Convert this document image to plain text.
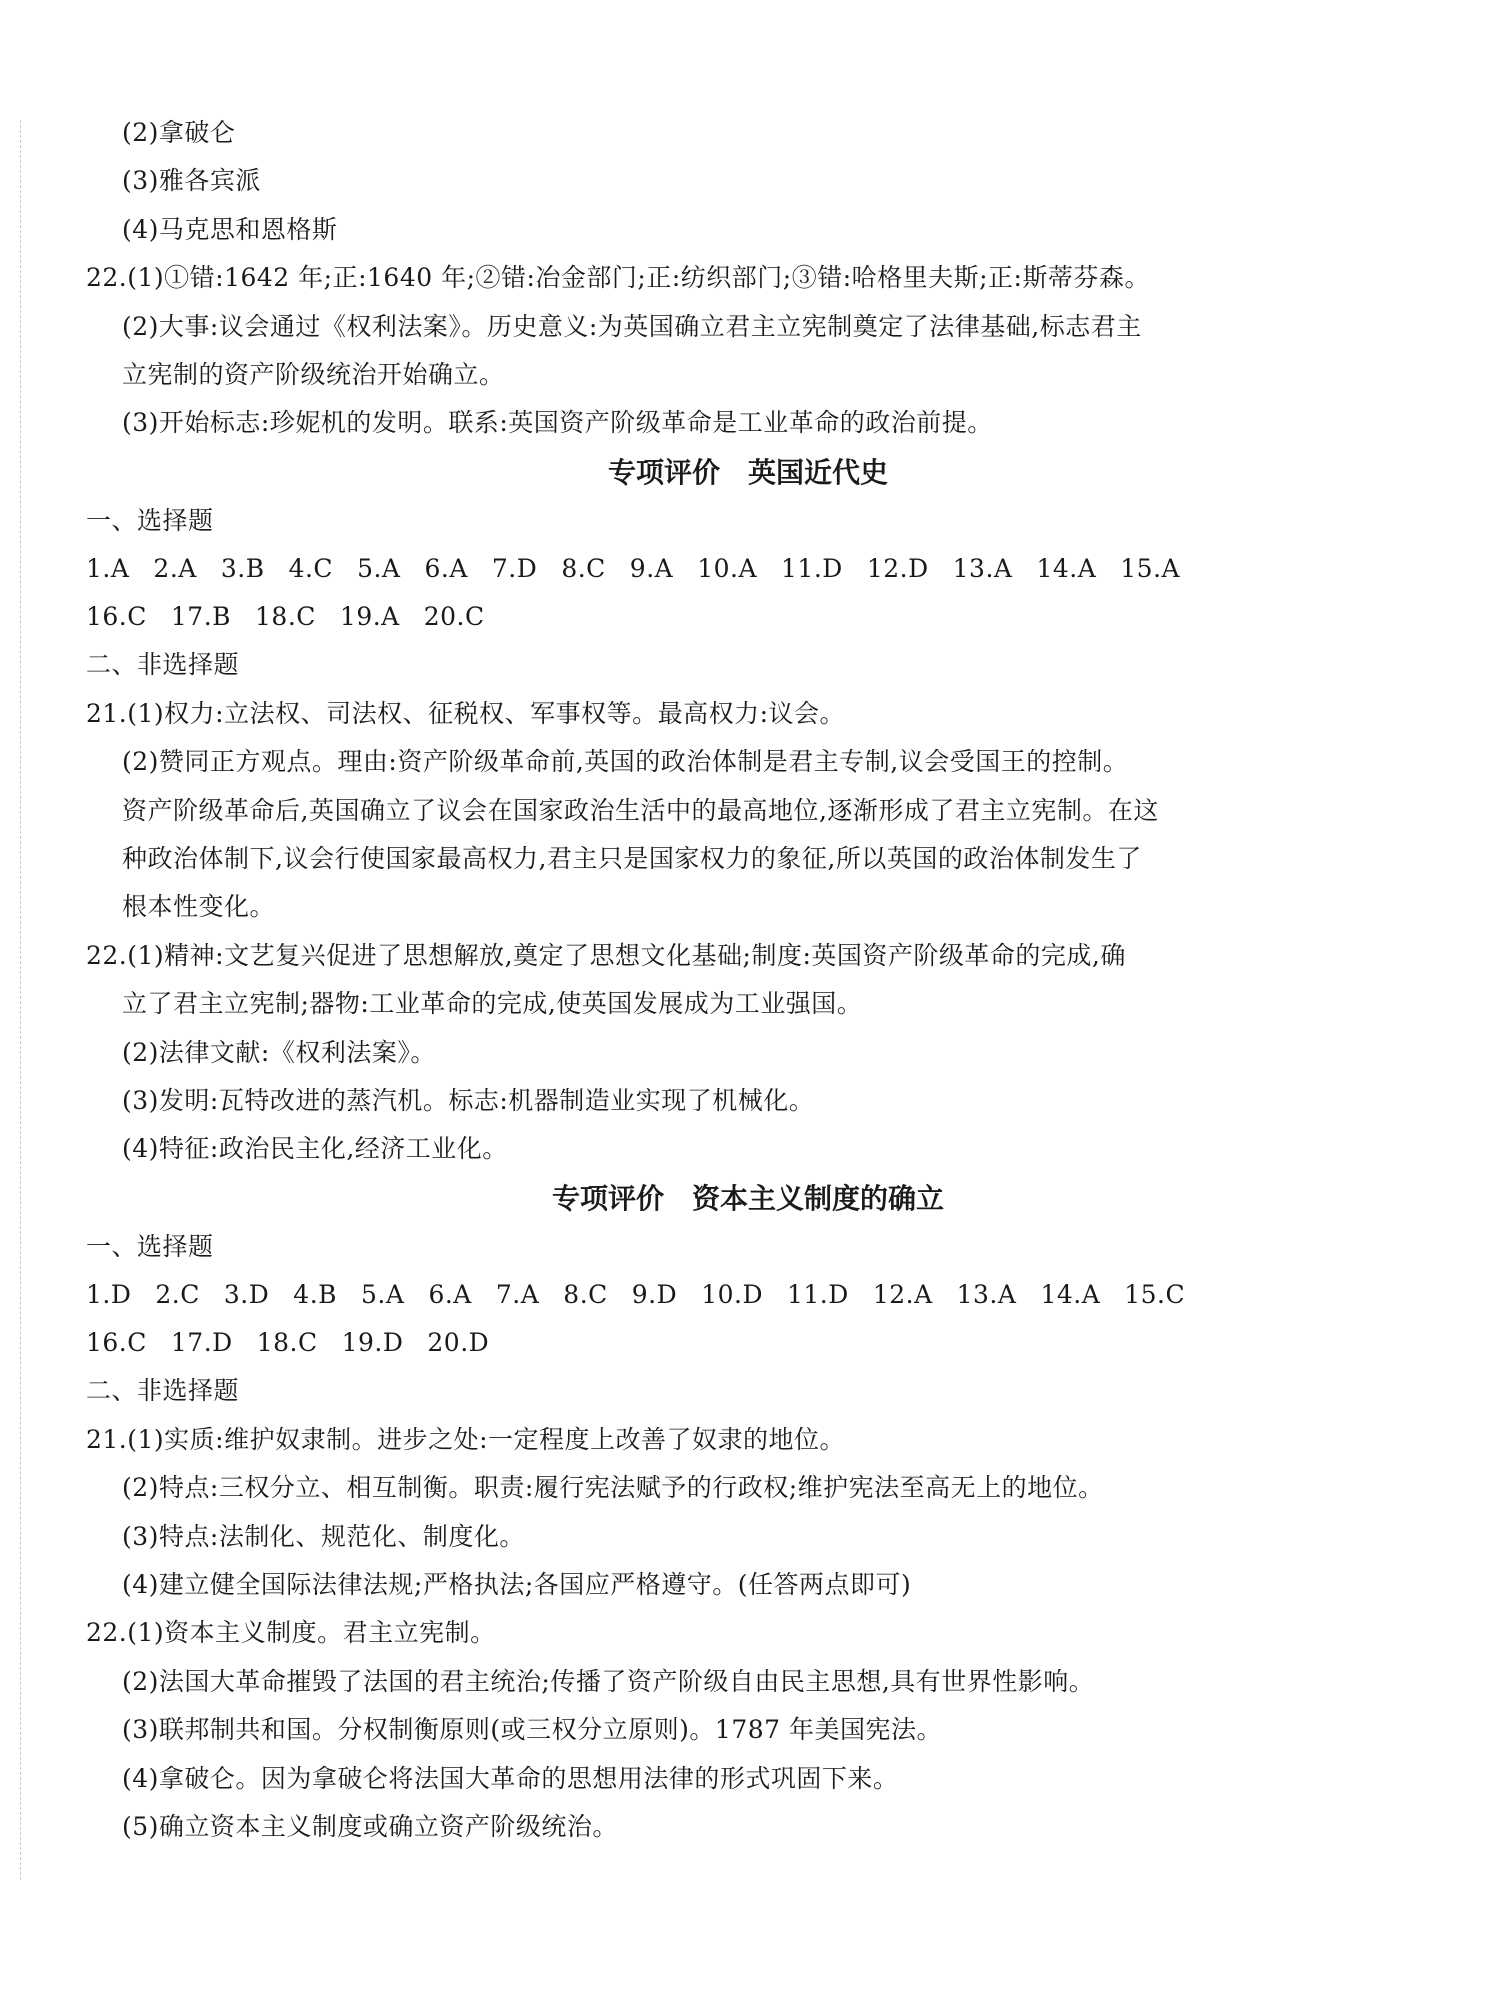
(2)拿破仑
(3)雅各宾派
(4)马克思和恩格斯
22.(1)①错:1642 年;正:1640 年;②错:冶金部门;正:纺织部门;③错:哈格里夫斯;正:斯蒂芬森。
(2)大事:议会通过《权利法案》。历史意义:为英国确立君主立宪制奠定了法律基础,标志君主
立宪制的资产阶级统治开始确立。
(3)开始标志:珍妮机的发明。联系:英国资产阶级革命是工业革命的政治前提。
专项评价　英国近代史
一、选择题
1.A 2.A 3.B 4.C 5.A 6.A 7.D 8.C 9.A 10.A 11.D 12.D 13.A 14.A 15.A
16.C 17.B 18.C 19.A 20.C
二、非选择题
21.(1)权力:立法权、司法权、征税权、军事权等。最高权力:议会。
(2)赞同正方观点。理由:资产阶级革命前,英国的政治体制是君主专制,议会受国王的控制。
资产阶级革命后,英国确立了议会在国家政治生活中的最高地位,逐渐形成了君主立宪制。在这
种政治体制下,议会行使国家最高权力,君主只是国家权力的象征,所以英国的政治体制发生了
根本性变化。
22.(1)精神:文艺复兴促进了思想解放,奠定了思想文化基础;制度:英国资产阶级革命的完成,确
立了君主立宪制;器物:工业革命的完成,使英国发展成为工业强国。
(2)法律文献:《权利法案》。
(3)发明:瓦特改进的蒸汽机。标志:机器制造业实现了机械化。
(4)特征:政治民主化,经济工业化。
专项评价　资本主义制度的确立
一、选择题
1.D 2.C 3.D 4.B 5.A 6.A 7.A 8.C 9.D 10.D 11.D 12.A 13.A 14.A 15.C
16.C 17.D 18.C 19.D 20.D
二、非选择题
21.(1)实质:维护奴隶制。进步之处:一定程度上改善了奴隶的地位。
(2)特点:三权分立、相互制衡。职责:履行宪法赋予的行政权;维护宪法至高无上的地位。
(3)特点:法制化、规范化、制度化。
(4)建立健全国际法律法规;严格执法;各国应严格遵守。(任答两点即可)
22.(1)资本主义制度。君主立宪制。
(2)法国大革命摧毁了法国的君主统治;传播了资产阶级自由民主思想,具有世界性影响。
(3)联邦制共和国。分权制衡原则(或三权分立原则)。1787 年美国宪法。
(4)拿破仑。因为拿破仑将法国大革命的思想用法律的形式巩固下来。
(5)确立资本主义制度或确立资产阶级统治。
